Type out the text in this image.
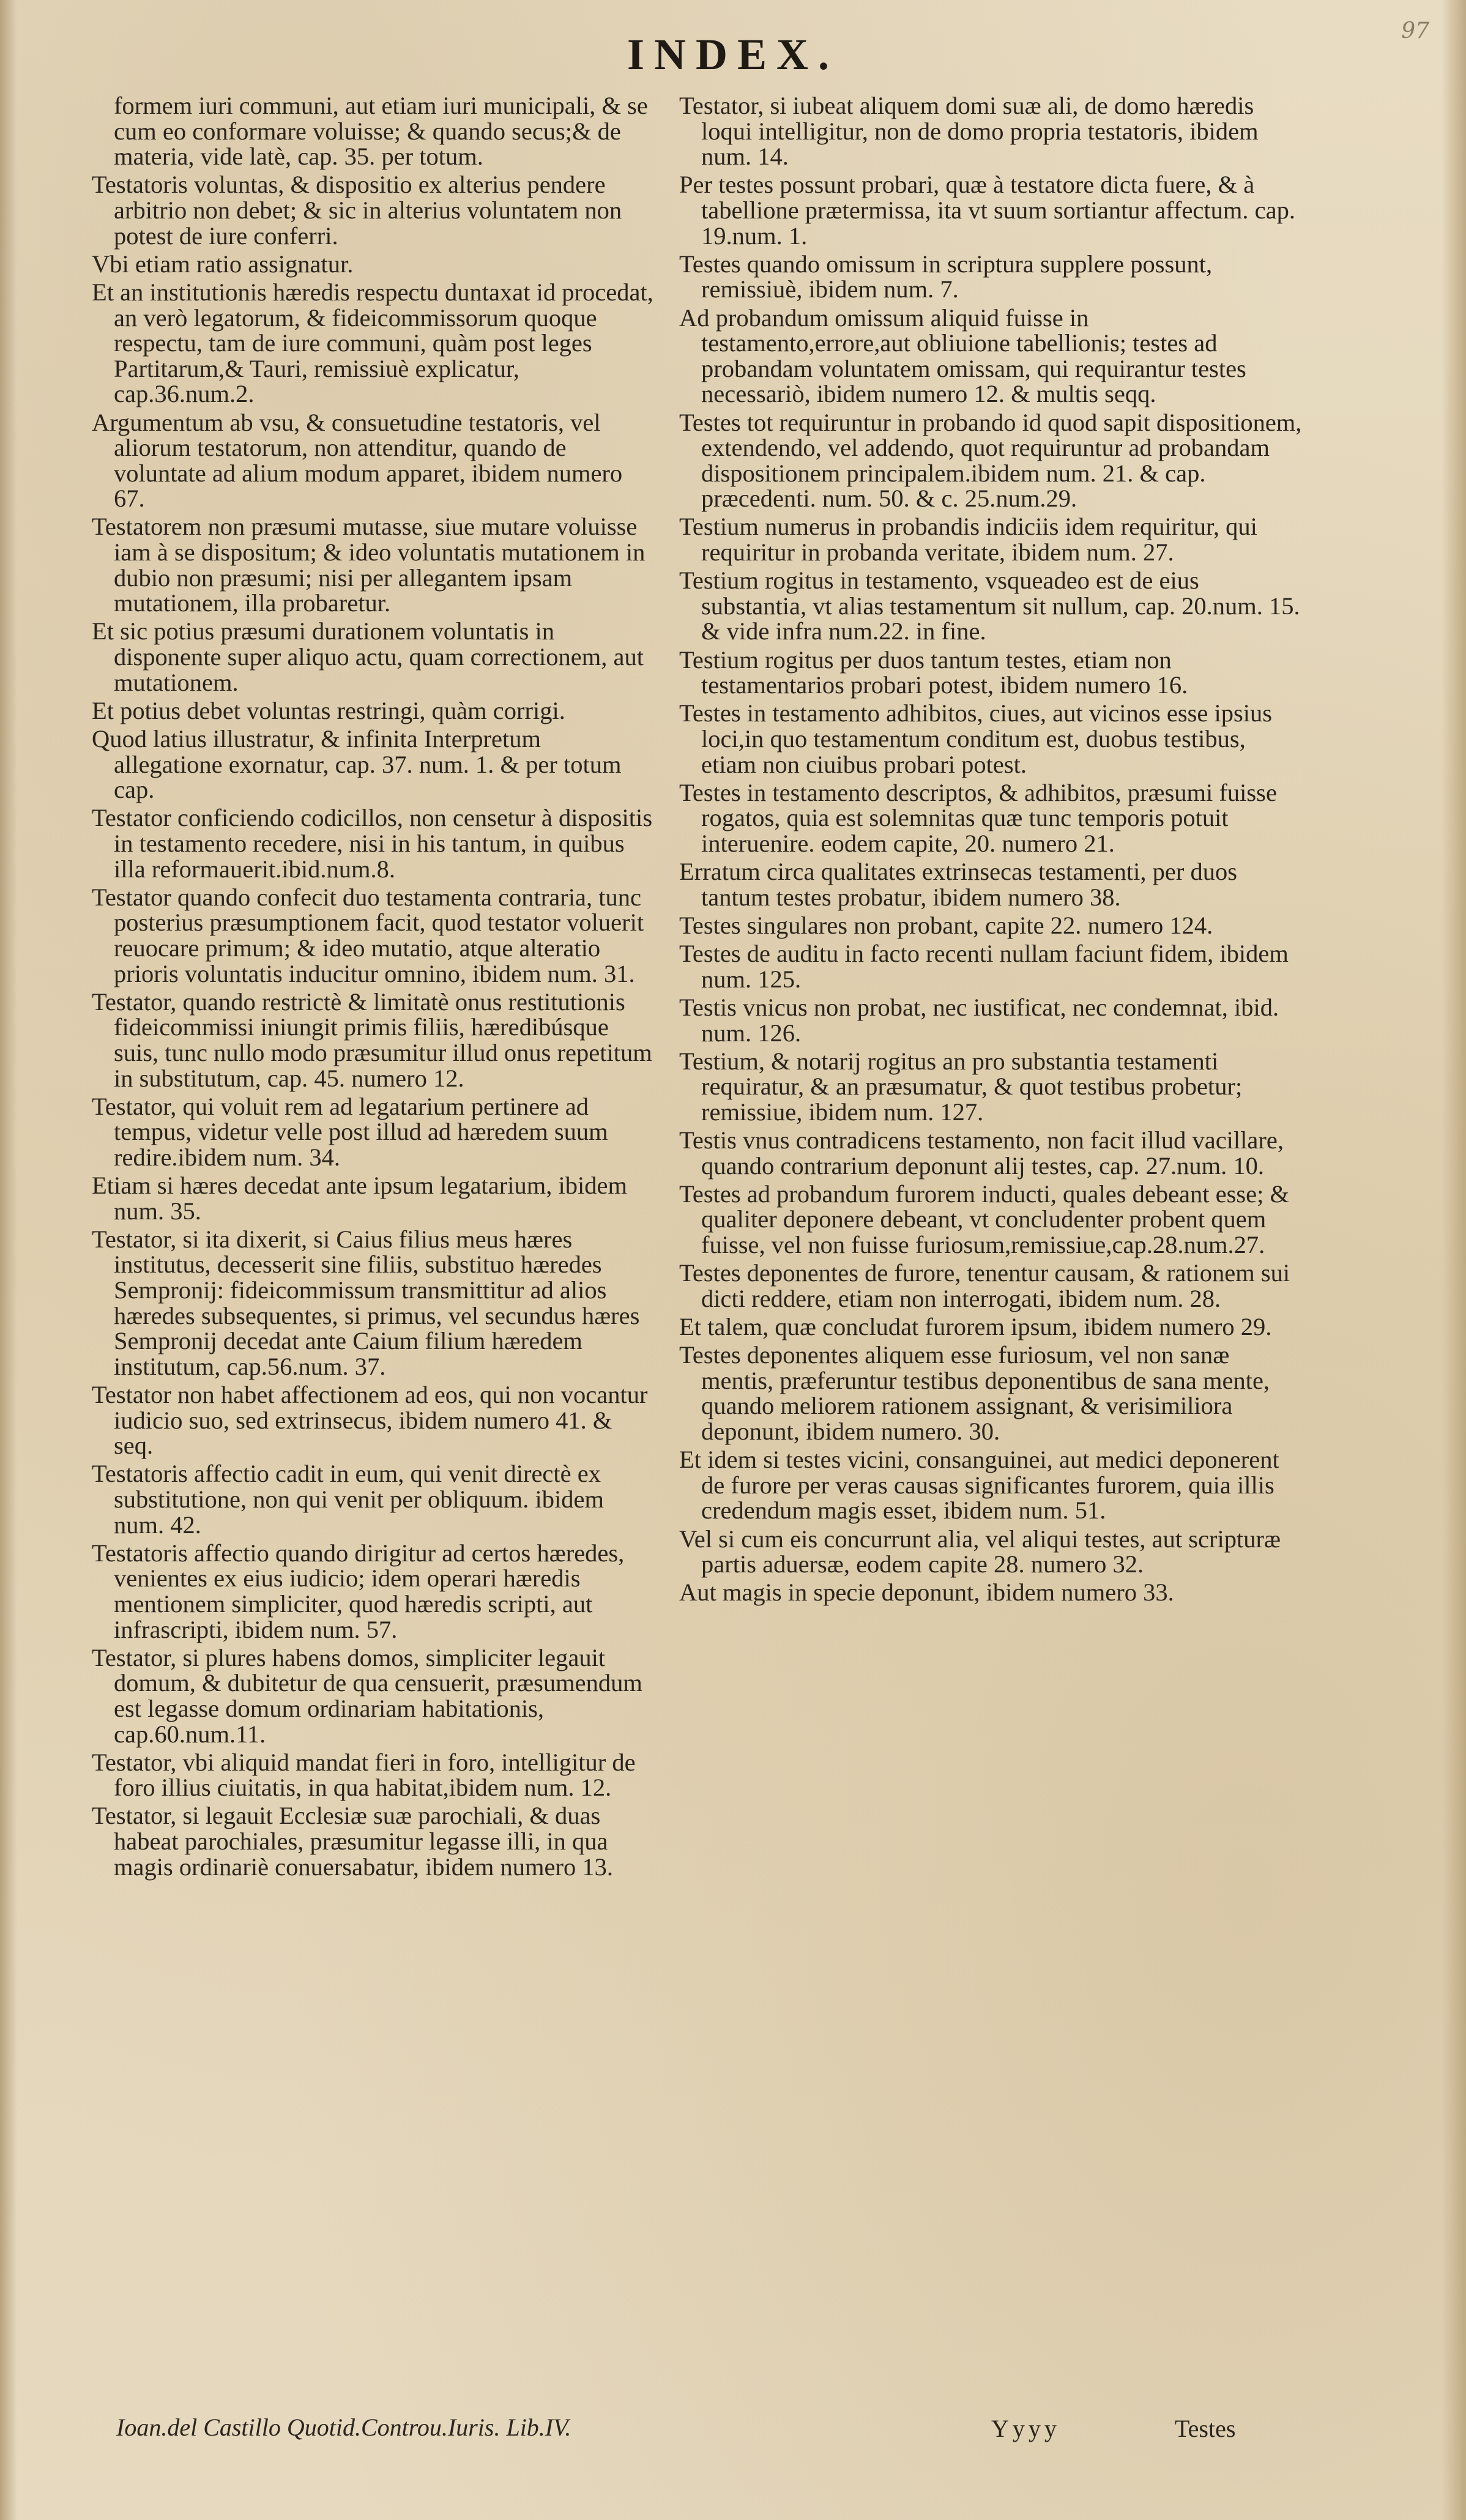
97
INDEX.

formem iuri communi, aut etiam iuri municipali, & se cum eo conformare voluisse; & quando secus;& de materia, vide latè, cap. 35. per totum.

Testatoris voluntas, & dispositio ex alterius pendere arbitrio non debet; & sic in alterius voluntatem non potest de iure conferri.

Vbi etiam ratio assignatur.

Et an institutionis hæredis respectu duntaxat id procedat, an verò legatorum, & fideicommissorum quoque respectu, tam de iure communi, quàm post leges Partitarum,& Tauri, remissiuè explicatur, cap.36.num.2.

Argumentum ab vsu, & consuetudine testatoris, vel aliorum testatorum, non attenditur, quando de voluntate ad alium modum apparet, ibidem numero 67.

Testatorem non præsumi mutasse, siue mutare voluisse iam à se dispositum; & ideo voluntatis mutationem in dubio non præsumi; nisi per allegantem ipsam mutationem, illa probaretur.

Et sic potius præsumi durationem voluntatis in disponente super aliquo actu, quam correctionem, aut mutationem.

Et potius debet voluntas restringi, quàm corrigi.

Quod latius illustratur, & infinita Interpretum allegatione exornatur, cap. 37. num. 1. & per totum cap.

Testator conficiendo codicillos, non censetur à dispositis in testamento recedere, nisi in his tantum, in quibus illa reformauerit.ibid.num.8.

Testator quando confecit duo testamenta contraria, tunc posterius præsumptionem facit, quod testator voluerit reuocare primum; & ideo mutatio, atque alteratio prioris voluntatis inducitur omnino, ibidem num. 31.

Testator, quando restrictè & limitatè onus restitutionis fideicommissi iniungit primis filiis, hæredibúsque suis, tunc nullo modo præsumitur illud onus repetitum in substitutum, cap. 45. numero 12.

Testator, qui voluit rem ad legatarium pertinere ad tempus, videtur velle post illud ad hæredem suum redire.ibidem num. 34.

Etiam si hæres decedat ante ipsum legatarium, ibidem num. 35.

Testator, si ita dixerit, si Caius filius meus hæres institutus, decesserit sine filiis, substituo hæredes Sempronij: fideicommissum transmittitur ad alios hæredes subsequentes, si primus, vel secundus hæres Sempronij decedat ante Caium filium hæredem institutum, cap.56.num. 37.

Testator non habet affectionem ad eos, qui non vocantur iudicio suo, sed extrinsecus, ibidem numero 41. & seq.

Testatoris affectio cadit in eum, qui venit directè ex substitutione, non qui venit per obliquum. ibidem num. 42.

Testatoris affectio quando dirigitur ad certos hæredes, venientes ex eius iudicio; idem operari hæredis mentionem simpliciter, quod hæredis scripti, aut infrascripti, ibidem num. 57.

Testator, si plures habens domos, simpliciter legauit domum, & dubitetur de qua censuerit, præsumendum est legasse domum ordinariam habitationis, cap.60.num.11.

Testator, vbi aliquid mandat fieri in foro, intelligitur de foro illius ciuitatis, in qua habitat,ibidem num. 12.

Testator, si legauit Ecclesiæ suæ parochiali, & duas habeat parochiales, præsumitur legasse illi, in qua magis ordinariè conuersabatur, ibidem numero 13.

Testator, si iubeat aliquem domi suæ ali, de domo hæredis loqui intelligitur, non de domo propria testatoris, ibidem num. 14.

Per testes possunt probari, quæ à testatore dicta fuere, & à tabellione prætermissa, ita vt suum sortiantur affectum. cap. 19.num. 1.

Testes quando omissum in scriptura supplere possunt, remissiuè, ibidem num. 7.

Ad probandum omissum aliquid fuisse in testamento,errore,aut obliuione tabellionis; testes ad probandam voluntatem omissam, qui requirantur testes necessariò, ibidem numero 12. & multis seqq.

Testes tot requiruntur in probando id quod sapit dispositionem, extendendo, vel addendo, quot requiruntur ad probandam dispositionem principalem.ibidem num. 21. & cap. præcedenti. num. 50. & c. 25.num.29.

Testium numerus in probandis indiciis idem requiritur, qui requiritur in probanda veritate, ibidem num. 27.

Testium rogitus in testamento, vsqueadeo est de eius substantia, vt alias testamentum sit nullum, cap. 20.num. 15. & vide infra num.22. in fine.

Testium rogitus per duos tantum testes, etiam non testamentarios probari potest, ibidem numero 16.

Testes in testamento adhibitos, ciues, aut vicinos esse ipsius loci,in quo testamentum conditum est, duobus testibus, etiam non ciuibus probari potest.

Testes in testamento descriptos, & adhibitos, præsumi fuisse rogatos, quia est solemnitas quæ tunc temporis potuit interuenire. eodem capite, 20. numero 21.

Erratum circa qualitates extrinsecas testamenti, per duos tantum testes probatur, ibidem numero 38.

Testes singulares non probant, capite 22. numero 124.

Testes de auditu in facto recenti nullam faciunt fidem, ibidem num. 125.

Testis vnicus non probat, nec iustificat, nec condemnat, ibid. num. 126.

Testium, & notarij rogitus an pro substantia testamenti requiratur, & an præsumatur, & quot testibus probetur; remissiue, ibidem num. 127.

Testis vnus contradicens testamento, non facit illud vacillare, quando contrarium deponunt alij testes, cap. 27.num. 10.

Testes ad probandum furorem inducti, quales debeant esse; & qualiter deponere debeant, vt concludenter probent quem fuisse, vel non fuisse furiosum,remissiue,cap.28.num.27.

Testes deponentes de furore, tenentur causam, & rationem sui dicti reddere, etiam non interrogati, ibidem num. 28.

Et talem, quæ concludat furorem ipsum, ibidem numero 29.

Testes deponentes aliquem esse furiosum, vel non sanæ mentis, præferuntur testibus deponentibus de sana mente, quando meliorem rationem assignant, & verisimiliora deponunt, ibidem numero. 30.

Et idem si testes vicini, consanguinei, aut medici deponerent de furore per veras causas significantes furorem, quia illis credendum magis esset, ibidem num. 51.

Vel si cum eis concurrunt alia, vel aliqui testes, aut scripturæ partis aduersæ, eodem capite 28. numero 32.

Aut magis in specie deponunt, ibidem numero 33.

Ioan.del Castillo Quotid.Controu.Iuris. Lib.IV.	Yyyy	Testes
